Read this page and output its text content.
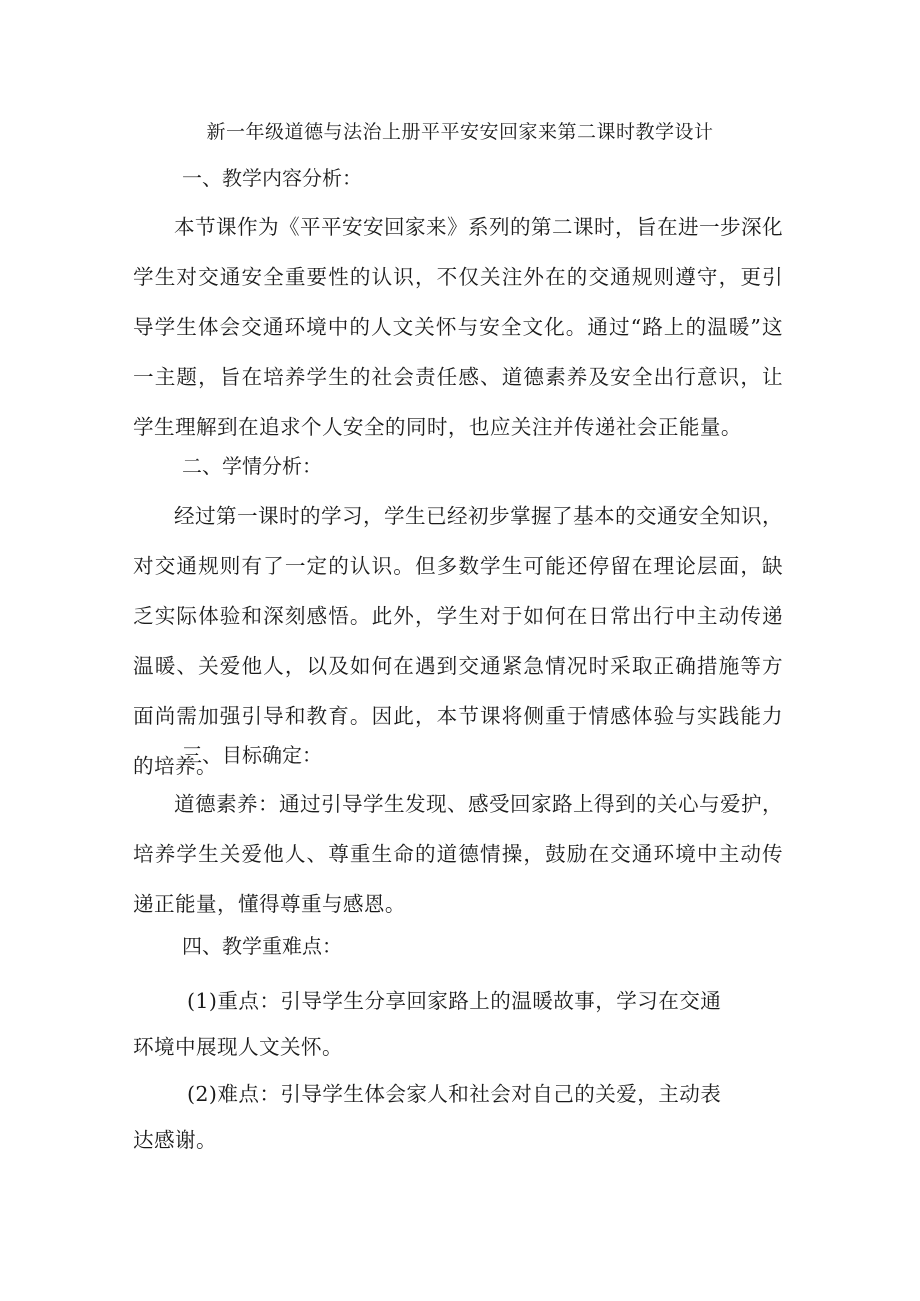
新一年级道德与法治上册平平安安回家来第二课时教学设计
一、教学内容分析：
本节课作为《平平安安回家来》系列的第二课时，旨在进一步深化学生对交通安全重要性的认识，不仅关注外在的交通规则遵守，更引导学生体会交通环境中的人文关怀与安全文化。通过“路上的温暖”这一主题，旨在培养学生的社会责任感、道德素养及安全出行意识，让学生理解到在追求个人安全的同时，也应关注并传递社会正能量。
二、学情分析：
经过第一课时的学习，学生已经初步掌握了基本的交通安全知识，对交通规则有了一定的认识。但多数学生可能还停留在理论层面，缺乏实际体验和深刻感悟。此外，学生对于如何在日常出行中主动传递温暖、关爱他人，以及如何在遇到交通紧急情况时采取正确措施等方面尚需加强引导和教育。因此，本节课将侧重于情感体验与实践能力的培养。
三、目标确定：
道德素养：通过引导学生发现、感受回家路上得到的关心与爱护，培养学生关爱他人、尊重生命的道德情操，鼓励在交通环境中主动传递正能量，懂得尊重与感恩。
四、教学重难点：
(1)重点：引导学生分享回家路上的温暖故事，学习在交通环境中展现人文关怀。
(2)难点：引导学生体会家人和社会对自己的关爱，主动表达感谢。
